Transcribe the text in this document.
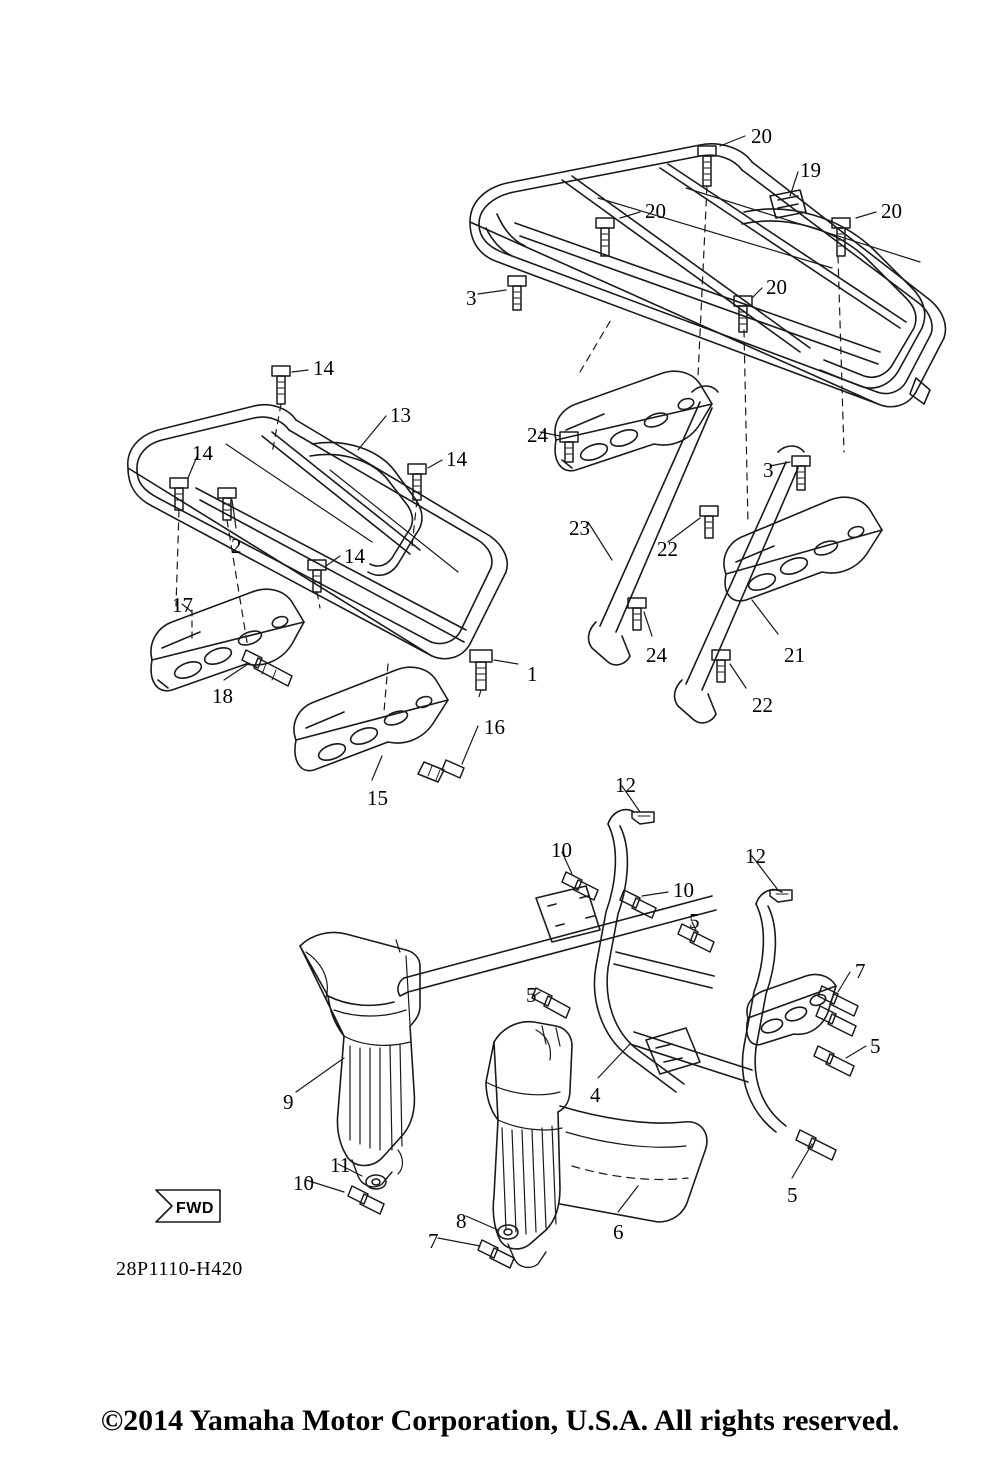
FWD
28P1110-H420
20
19
20	20
3	20
14
13
14	14
24
3
2	14
23
22
17
1
18
24	21
22
16
15
12
12
10
10
5
7
5
5
4
9
5
11
10
6
8
7
©2014 Yamaha Motor Corporation, U.S.A. All rights reserved.
